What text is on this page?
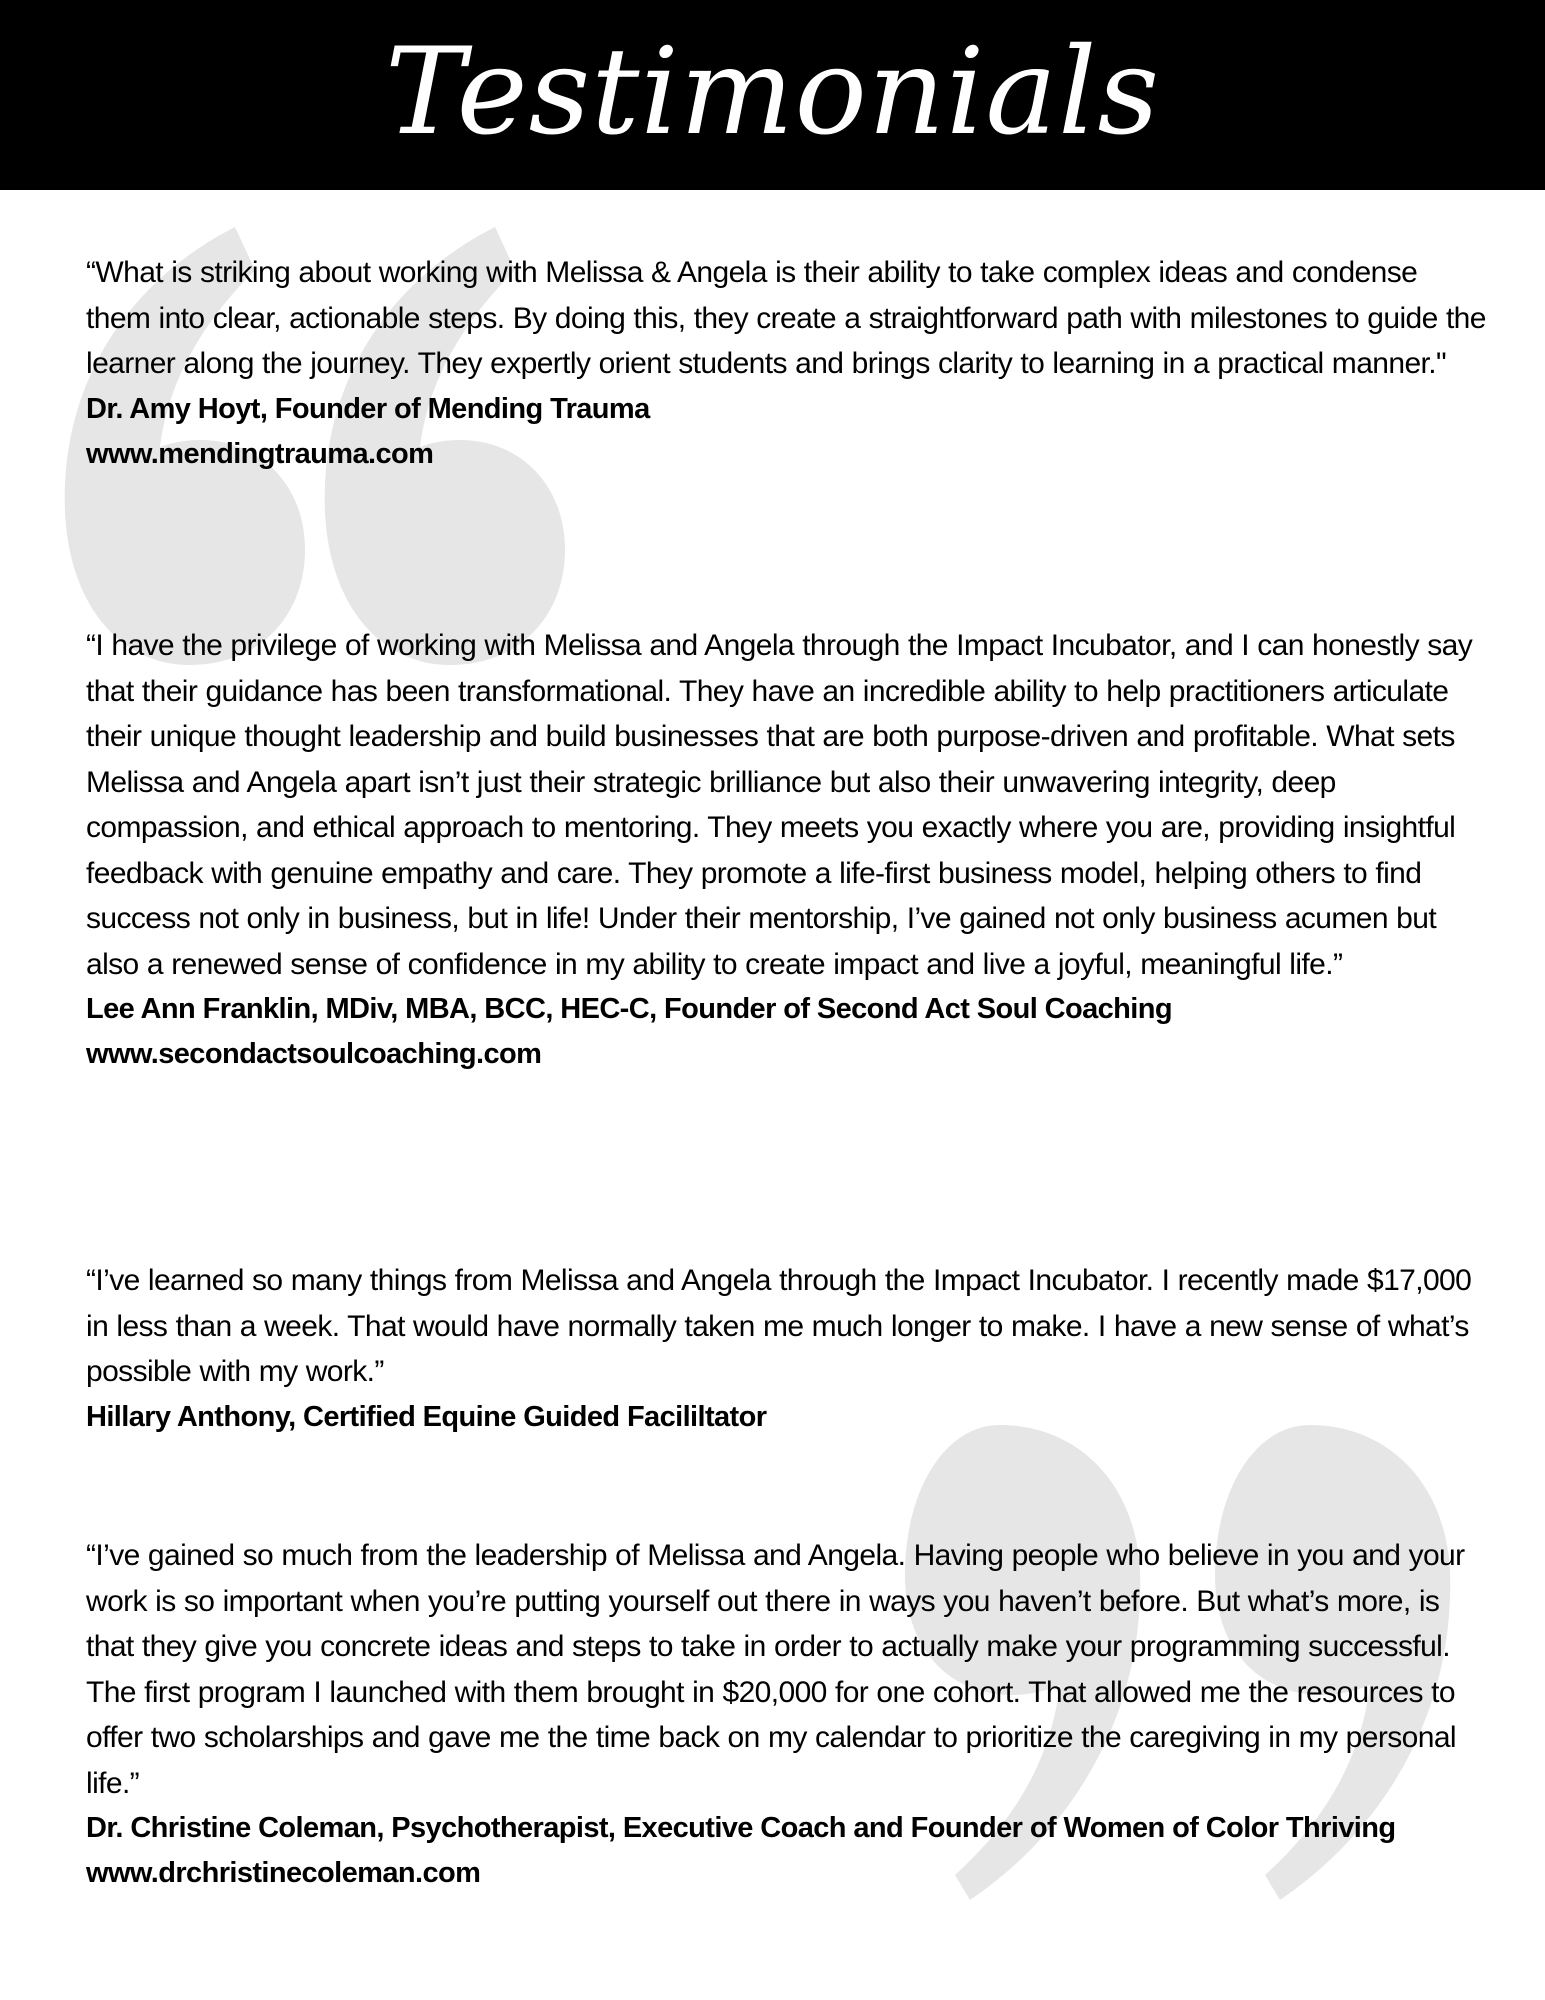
Testimonials

“What is striking about working with Melissa & Angela is their ability to take complex ideas and condense them into clear, actionable steps. By doing this, they create a straightforward path with milestones to guide the learner along the journey. They expertly orient students and brings clarity to learning in a practical manner."

Dr. Amy Hoyt, Founder of Mending Trauma

www.mendingtrauma.com

“I have the privilege of working with Melissa and Angela through the Impact Incubator, and I can honestly say that their guidance has been transformational. They have an incredible ability to help practitioners articulate their unique thought leadership and build businesses that are both purpose-driven and profitable. What sets Melissa and Angela apart isn’t just their strategic brilliance but also their unwavering integrity, deep compassion, and ethical approach to mentoring. They meets you exactly where you are, providing insightful feedback with genuine empathy and care. They promote a life-first business model, helping others to find success not only in business, but in life! Under their mentorship, I’ve gained not only business acumen but also a renewed sense of confidence in my ability to create impact and live a joyful, meaningful life.”

Lee Ann Franklin, MDiv, MBA, BCC, HEC-C, Founder of Second Act Soul Coaching

www.secondactsoulcoaching.com

“I’ve learned so many things from Melissa and Angela through the Impact Incubator. I recently made $17,000 in less than a week. That would have normally taken me much longer to make. I have a new sense of what’s possible with my work.”

Hillary Anthony, Certified Equine Guided Facililtator

“I’ve gained so much from the leadership of Melissa and Angela. Having people who believe in you and your work is so important when you’re putting yourself out there in ways you haven’t before. But what’s more, is that they give you concrete ideas and steps to take in order to actually make your programming successful. The first program I launched with them brought in $20,000 for one cohort. That allowed me the resources to offer two scholarships and gave me the time back on my calendar to prioritize the caregiving in my personal life.”

Dr. Christine Coleman, Psychotherapist, Executive Coach and Founder of Women of Color Thriving

www.drchristinecoleman.com
